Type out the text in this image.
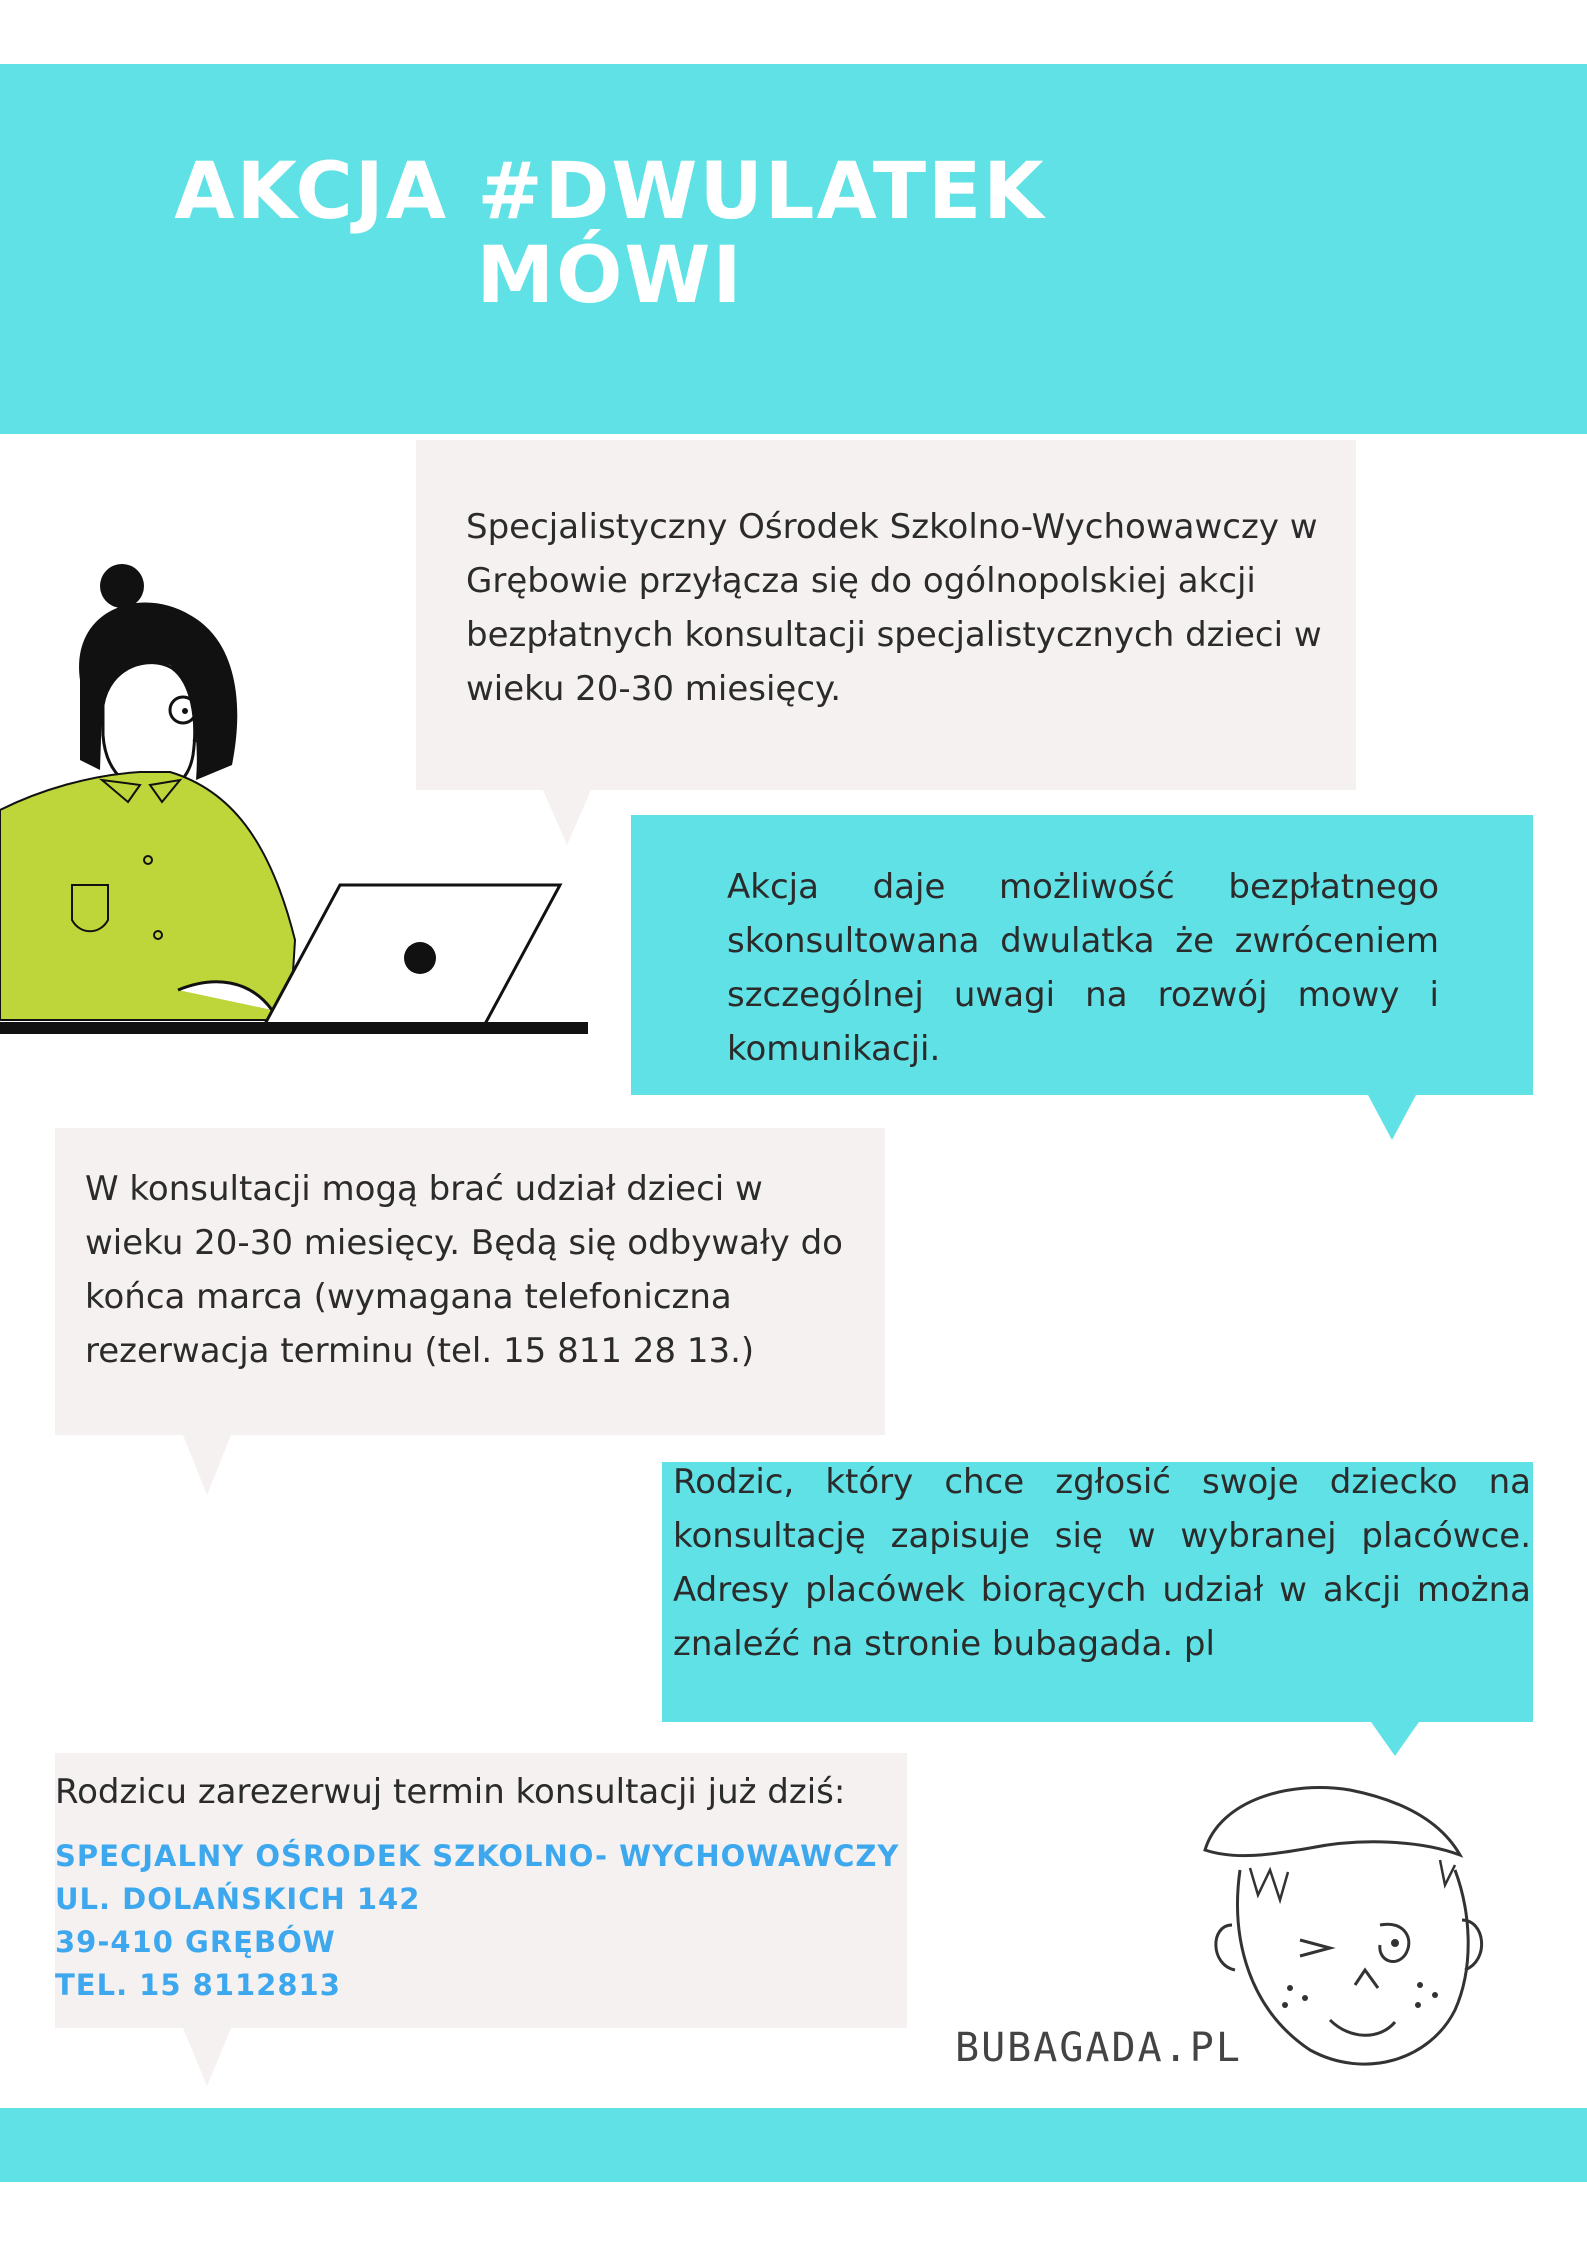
AKCJA #DWULATEK
MÓWI
Specjalistyczny Ośrodek Szkolno-Wychowawczy w Grębowie przyłącza się do ogólnopolskiej akcji bezpłatnych konsultacji specjalistycznych dzieci w wieku 20-30 miesięcy.
Akcja daje możliwość bezpłatnego skonsultowana dwulatka że zwróceniem szczególnej uwagi na rozwój mowy i komunikacji.
W konsultacji mogą brać udział dzieci w wieku 20-30 miesięcy. Będą się odbywały do końca marca (wymagana telefoniczna rezerwacja terminu (tel. 15 811 28 13.)
Rodzic, który chce zgłosić swoje dziecko na konsultację zapisuje się w wybranej placówce. Adresy placówek biorących udział w akcji można znaleźć na stronie bubagada. pl
Rodzicu zarezerwuj termin konsultacji już dziś:
SPECJALNY OŚRODEK SZKOLNO- WYCHOWAWCZY
UL. DOLAŃSKICH 142
39-410 GRĘBÓW
TEL. 15 8112813
BUBAGADA.PL
